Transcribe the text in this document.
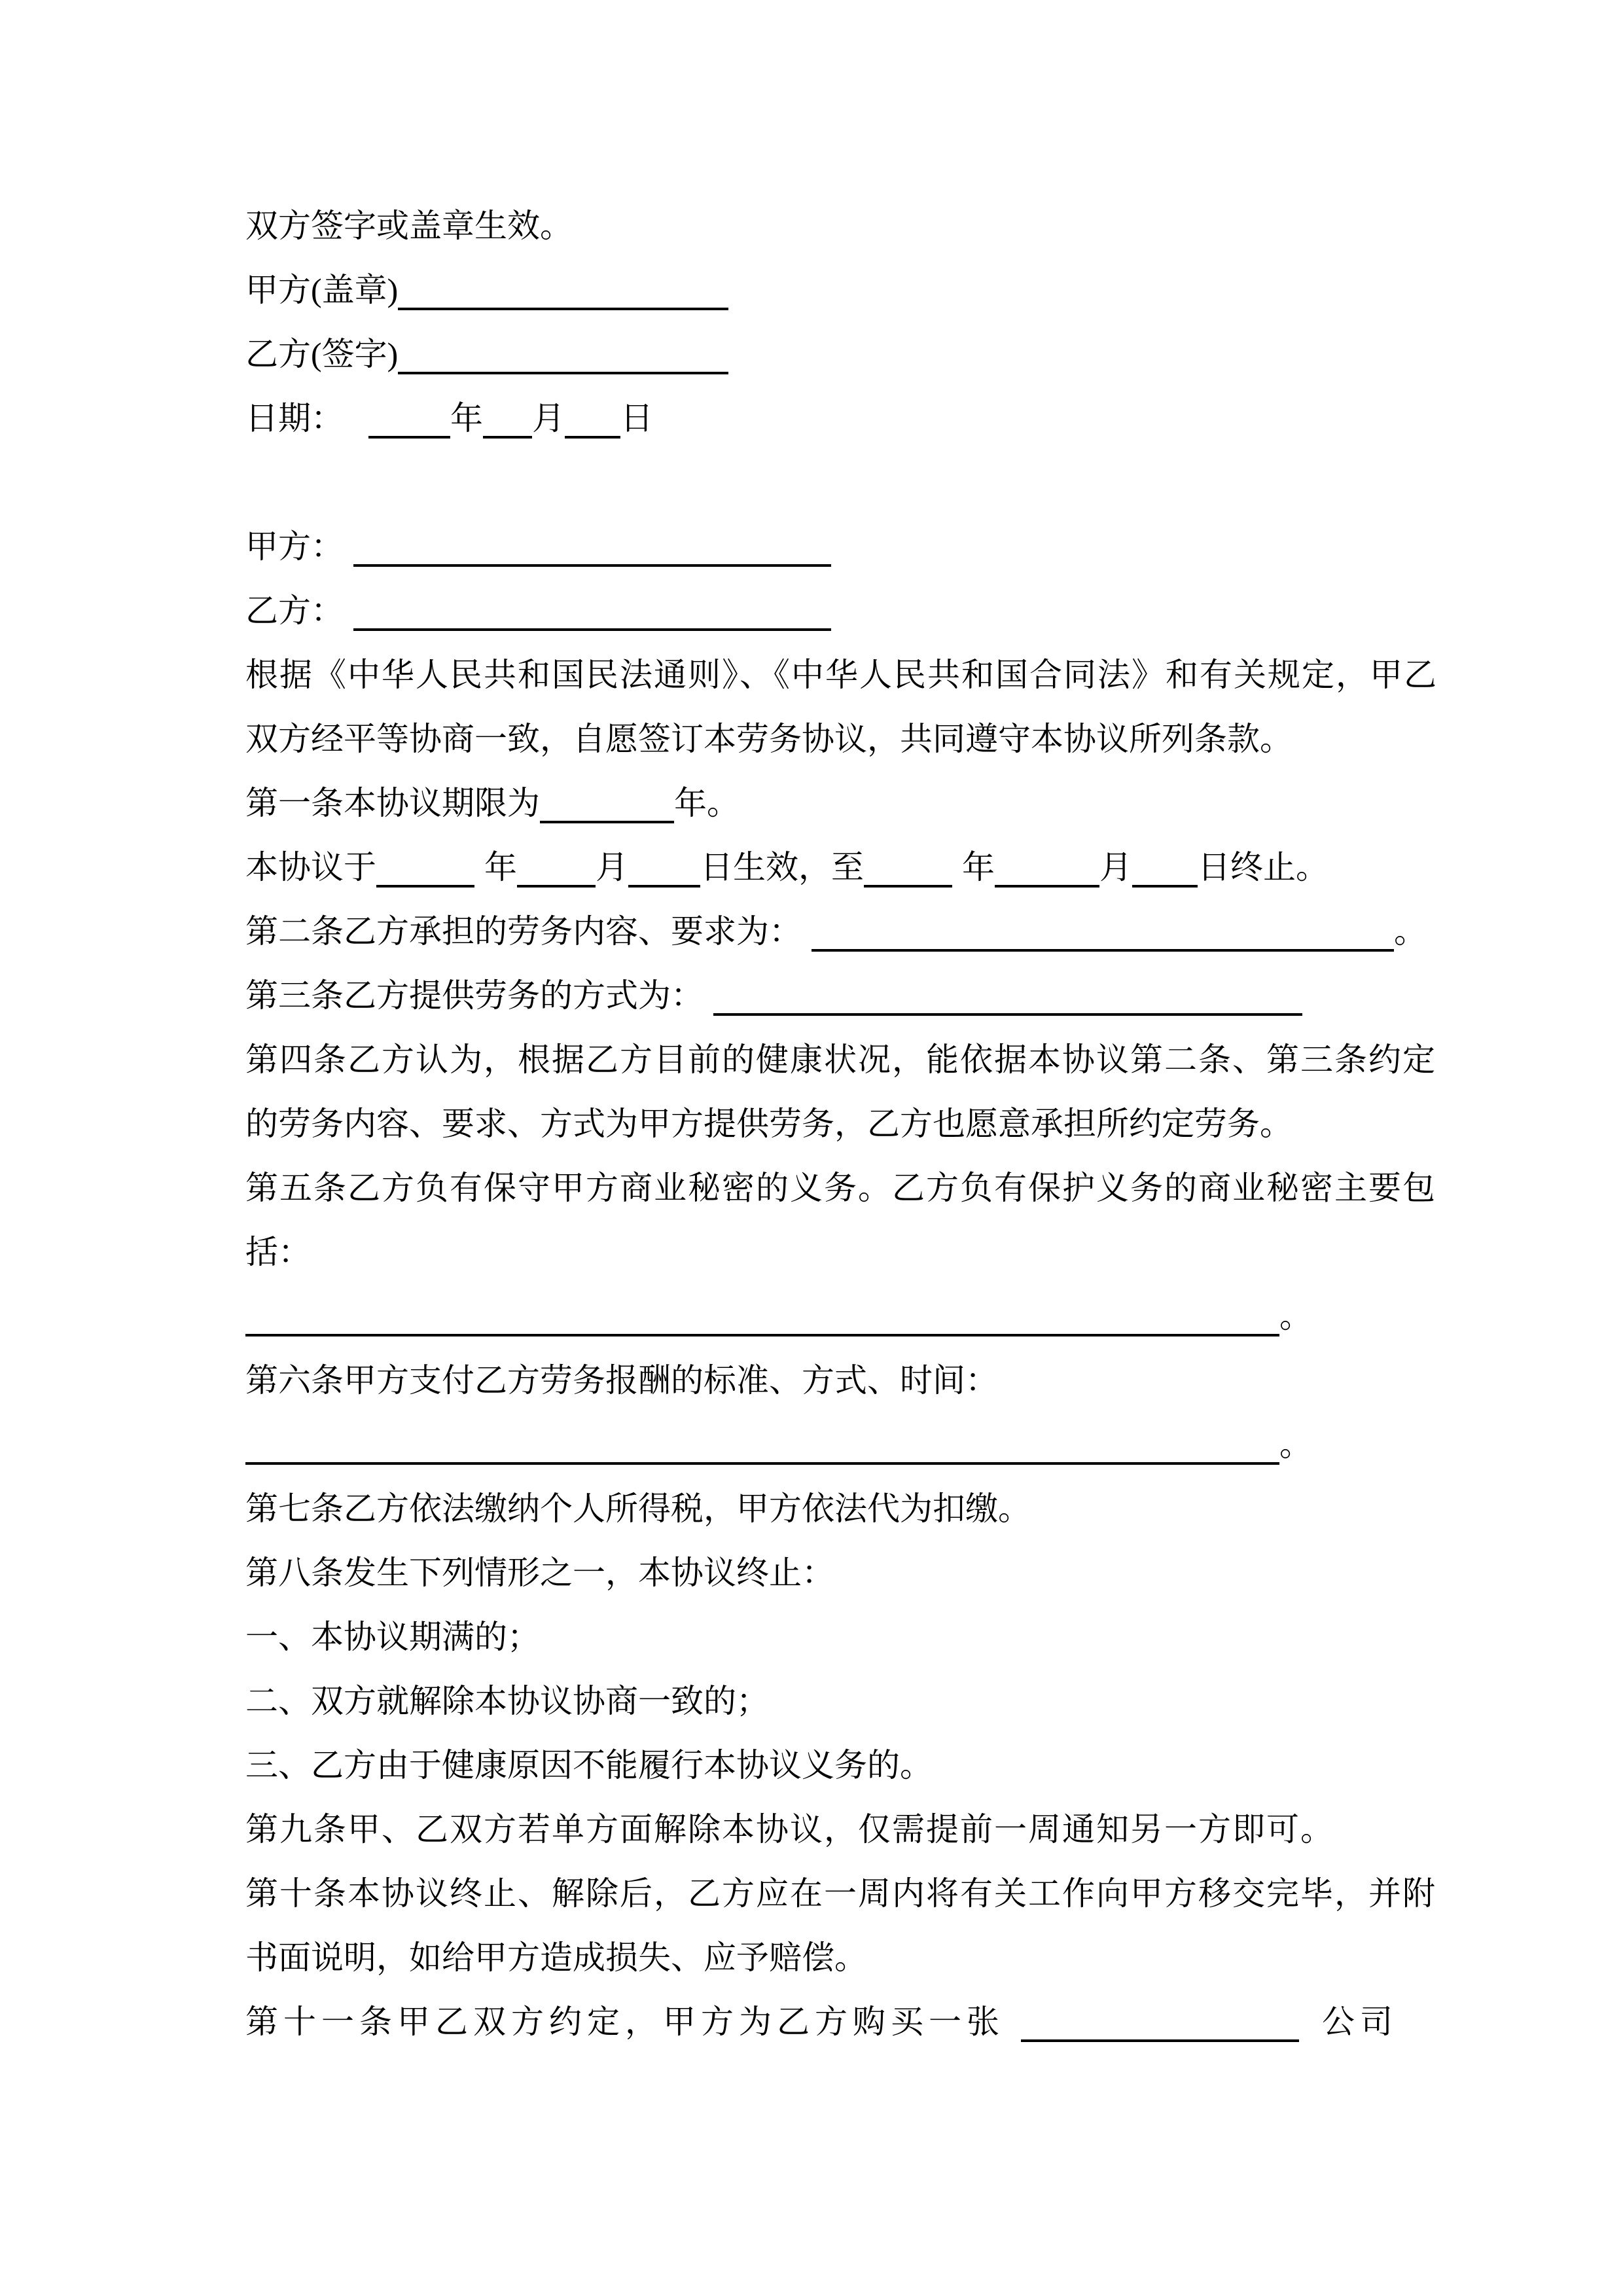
双方签字或盖章生效。
甲方(盖章)
乙方(签字)
日期：	年 月 日
甲方：
乙方：
根据《中华人民共和国民法通则》、《中华人民共和国合同法》和有关规定，甲乙
双方经平等协商一致，自愿签订本劳务协议，共同遵守本协议所列条款。
第一条本协议期限为	年。
本协议于	年 月 日生效，至	年	月 日终止。
第二条乙方承担的劳务内容、要求为：	。
第三条乙方提供劳务的方式为：
第四条乙方认为，根据乙方目前的健康状况，能依据本协议第二条、第三条约定
的劳务内容、要求、方式为甲方提供劳务，乙方也愿意承担所约定劳务。
第五条乙方负有保守甲方商业秘密的义务。乙方负有保护义务的商业秘密主要包
括：
。
第六条甲方支付乙方劳务报酬的标准、方式、时间：
。
第七条乙方依法缴纳个人所得税，甲方依法代为扣缴。
第八条发生下列情形之一，本协议终止：
一、本协议期满的；
二、双方就解除本协议协商一致的；
三、乙方由于健康原因不能履行本协议义务的。
第九条甲、乙双方若单方面解除本协议，仅需提前一周通知另一方即可。
第十条本协议终止、解除后，乙方应在一周内将有关工作向甲方移交完毕，并附
书面说明，如给甲方造成损失、应予赔偿。
第十一条甲乙双方约定，甲方为乙方购买一张	公司
